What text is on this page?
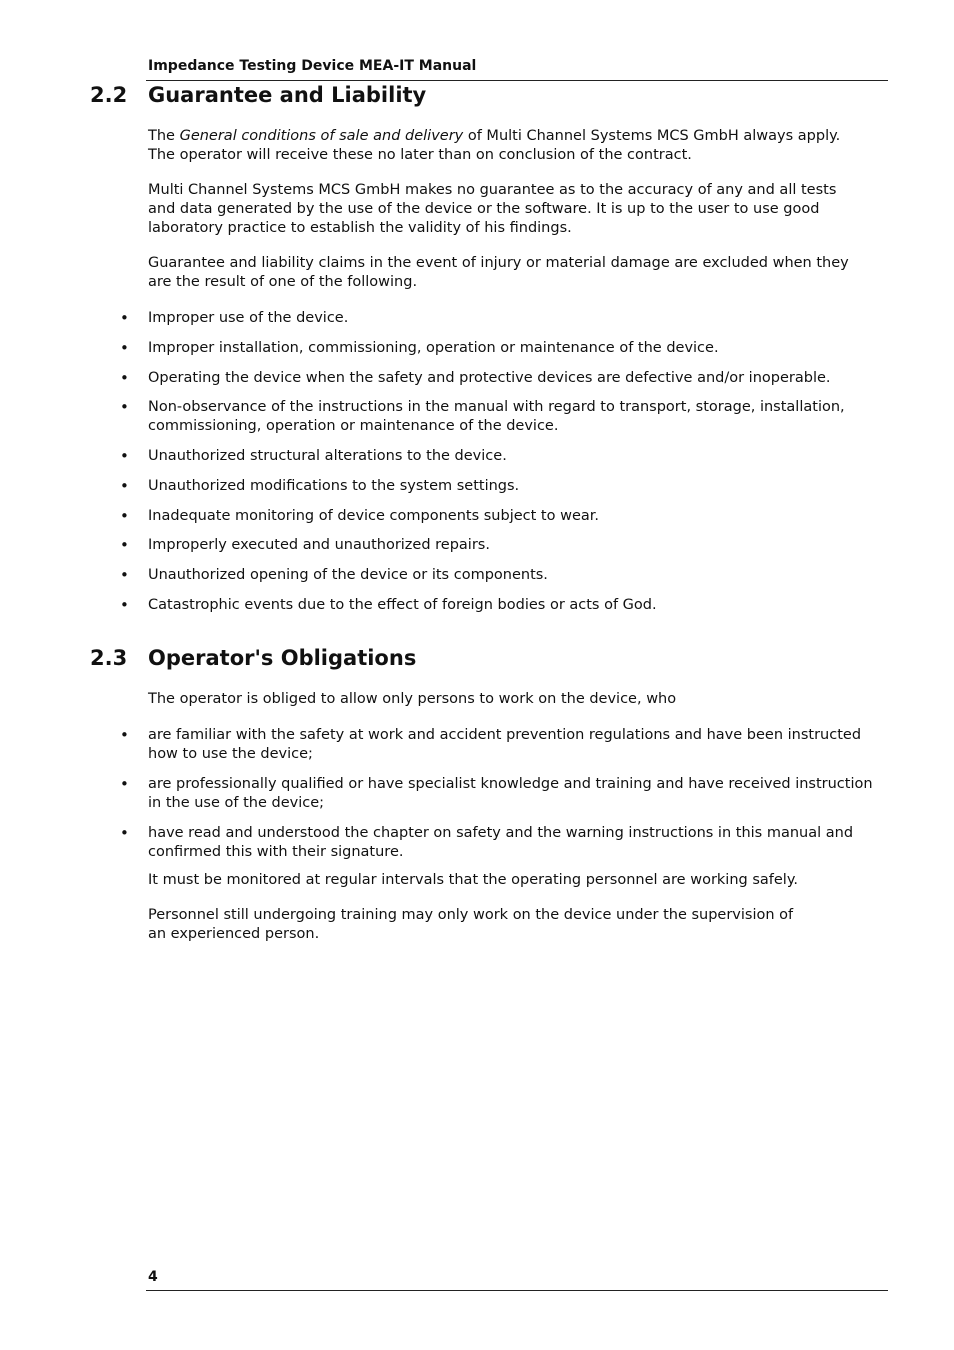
Impedance Testing Device MEA-IT Manual
2.2 Guarantee and Liability

The General conditions of sale and delivery of Multi Channel Systems MCS GmbH always apply. The operator will receive these no later than on conclusion of the contract.

Multi Channel Systems MCS GmbH makes no guarantee as to the accuracy of any and all tests and data generated by the use of the device or the software. It is up to the user to use good laboratory practice to establish the validity of his findings.

Guarantee and liability claims in the event of injury or material damage are excluded when they are the result of one of the following.

• Improper use of the device.
• Improper installation, commissioning, operation or maintenance of the device.
• Operating the device when the safety and protective devices are defective and/or inoperable.
• Non-observance of the instructions in the manual with regard to transport, storage, installation, commissioning, operation or maintenance of the device.
• Unauthorized structural alterations to the device.
• Unauthorized modifications to the system settings.
• Inadequate monitoring of device components subject to wear.
• Improperly executed and unauthorized repairs.
• Unauthorized opening of the device or its components.
• Catastrophic events due to the effect of foreign bodies or acts of God.
2.3 Operator's Obligations

The operator is obliged to allow only persons to work on the device, who

• are familiar with the safety at work and accident prevention regulations and have been instructed how to use the device;
• are professionally qualified or have specialist knowledge and training and have received instruction in the use of the device;
• have read and understood the chapter on safety and the warning instructions in this manual and confirmed this with their signature.

It must be monitored at regular intervals that the operating personnel are working safely.

Personnel still undergoing training may only work on the device under the supervision of an experienced person.

4
